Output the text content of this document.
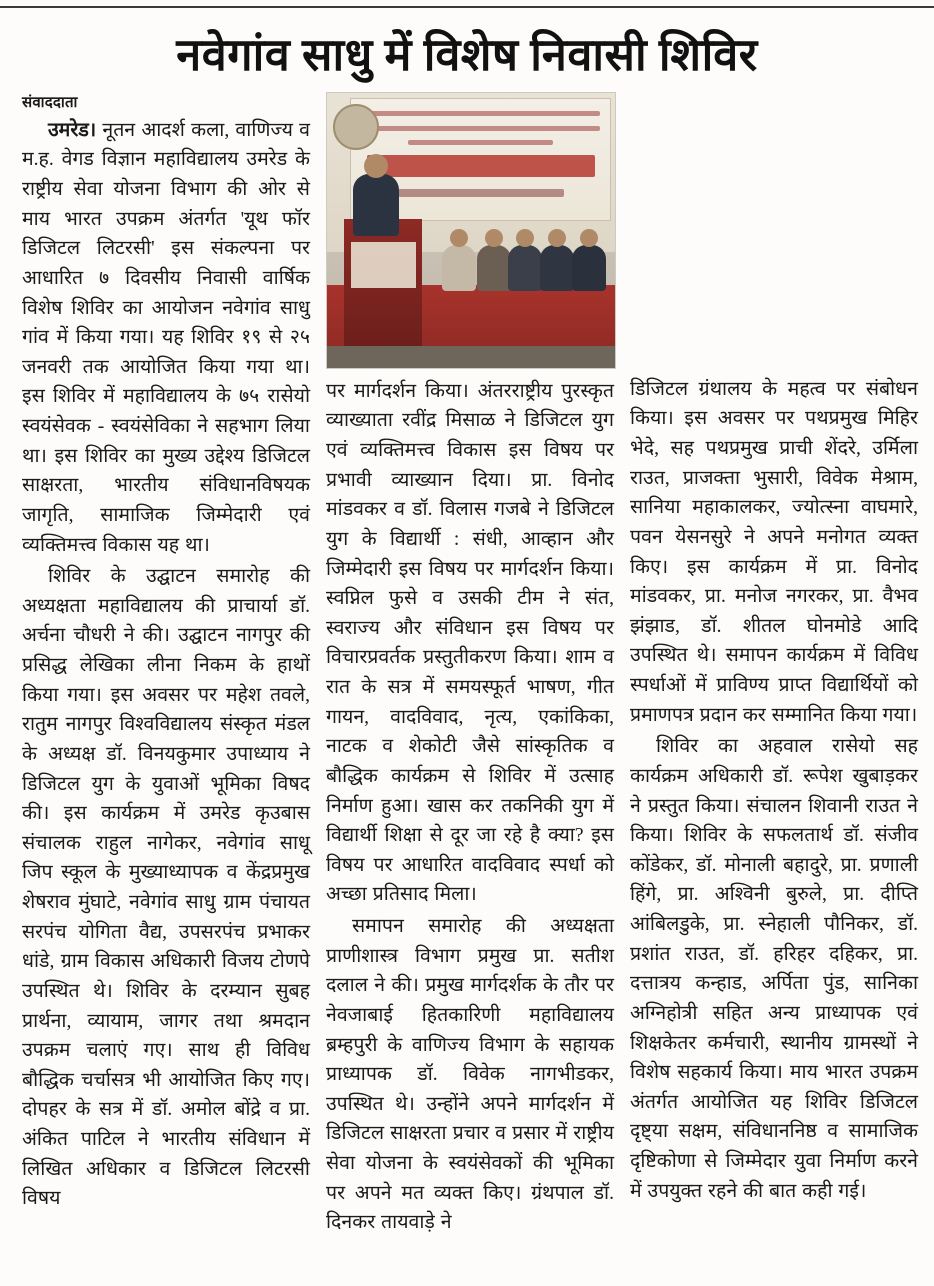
नवेगांव साधु में विशेष निवासी शिविर
संवाददाता

उमरेड। नूतन आदर्श कला, वाणिज्य व म.ह. वेगड विज्ञान महाविद्यालय उमरेड के राष्ट्रीय सेवा योजना विभाग की ओर से माय भारत उपक्रम अंतर्गत 'यूथ फॉर डिजिटल लिटरसी' इस संकल्पना पर आधारित ७ दिवसीय निवासी वार्षिक विशेष शिविर का आयोजन नवेगांव साधु गांव में किया गया। यह शिविर १९ से २५ जनवरी तक आयोजित किया गया था। इस शिविर में महाविद्यालय के ७५ रासेयो स्वयंसेवक - स्वयंसेविका ने सहभाग लिया था। इस शिविर का मुख्य उद्देश्य डिजिटल साक्षरता, भारतीय संविधानविषयक जागृति, सामाजिक जिम्मेदारी एवं व्यक्तिमत्त्व विकास यह था।

शिविर के उद्घाटन समारोह की अध्यक्षता महाविद्यालय की प्राचार्या डॉ. अर्चना चौधरी ने की। उद्घाटन नागपुर की प्रसिद्ध लेखिका लीना निकम के हाथों किया गया। इस अवसर पर महेश तवले, रातुम नागपुर विश्वविद्यालय संस्कृत मंडल के अध्यक्ष डॉ. विनयकुमार उपाध्याय ने डिजिटल युग के युवाओं भूमिका विषद की। इस कार्यक्रम में उमरेड कृउबास संचालक राहुल नागेकर, नवेगांव साधू जिप स्कूल के मुख्याध्यापक व केंद्रप्रमुख शेषराव मुंघाटे, नवेगांव साधु ग्राम पंचायत सरपंच योगिता वैद्य, उपसरपंच प्रभाकर धांडे, ग्राम विकास अधिकारी विजय टोणपे उपस्थित थे। शिविर के दरम्यान सुबह प्रार्थना, व्यायाम, जागर तथा श्रमदान उपक्रम चलाएं गए। साथ ही विविध बौद्धिक चर्चासत्र भी आयोजित किए गए। दोपहर के सत्र में डॉ. अमोल बोंद्रे व प्रा. अंकित पाटिल ने भारतीय संविधान में लिखित अधिकार व डिजिटल लिटरसी विषय

पर मार्गदर्शन किया। अंतरराष्ट्रीय पुरस्कृत व्याख्याता रवींद्र मिसाळ ने डिजिटल युग एवं व्यक्तिमत्त्व विकास इस विषय पर प्रभावी व्याख्यान दिया। प्रा. विनोद मांडवकर व डॉ. विलास गजबे ने डिजिटल युग के विद्यार्थी : संधी, आव्हान और जिम्मेदारी इस विषय पर मार्गदर्शन किया। स्वप्निल फुसे व उसकी टीम ने संत, स्वराज्य और संविधान इस विषय पर विचारप्रवर्तक प्रस्तुतीकरण किया। शाम व रात के सत्र में समयस्फूर्त भाषण, गीत गायन, वादविवाद, नृत्य, एकांकिका, नाटक व शेकोटी जैसे सांस्कृतिक व बौद्धिक कार्यक्रम से शिविर में उत्साह निर्माण हुआ। खास कर तकनिकी युग में विद्यार्थी शिक्षा से दूर जा रहे है क्या? इस विषय पर आधारित वादविवाद स्पर्धा को अच्छा प्रतिसाद मिला।

समापन समारोह की अध्यक्षता प्राणीशास्त्र विभाग प्रमुख प्रा. सतीश दलाल ने की। प्रमुख मार्गदर्शक के तौर पर नेवजाबाई हितकारिणी महाविद्यालय ब्रम्हपुरी के वाणिज्य विभाग के सहायक प्राध्यापक डॉ. विवेक नागभीडकर, उपस्थित थे। उन्होंने अपने मार्गदर्शन में डिजिटल साक्षरता प्रचार व प्रसार में राष्ट्रीय सेवा योजना के स्वयंसेवकों की भूमिका पर अपने मत व्यक्त किए। ग्रंथपाल डॉ. दिनकर तायवाड़े ने

डिजिटल ग्रंथालय के महत्व पर संबोधन किया। इस अवसर पर पथप्रमुख मिहिर भेदे, सह पथप्रमुख प्राची शेंदरे, उर्मिला राउत, प्राजक्ता भुसारी, विवेक मेश्राम, सानिया महाकालकर, ज्योत्स्ना वाघमारे, पवन येसनसुरे ने अपने मनोगत व्यक्त किए। इस कार्यक्रम में प्रा. विनोद मांडवकर, प्रा. मनोज नगरकर, प्रा. वैभव झंझाड, डॉ. शीतल घोनमोडे आदि उपस्थित थे। समापन कार्यक्रम में विविध स्पर्धाओं में प्राविण्य प्राप्त विद्यार्थियों को प्रमाणपत्र प्रदान कर सम्मानित किया गया।

शिविर का अहवाल रासेयो सह कार्यक्रम अधिकारी डॉ. रूपेश खुबाड़कर ने प्रस्तुत किया। संचालन शिवानी राउत ने किया। शिविर के सफलतार्थ डॉ. संजीव कोंडेकर, डॉ. मोनाली बहादुरे, प्रा. प्रणाली हिंगे, प्रा. अश्विनी बुरुले, प्रा. दीप्ति आंबिलडुके, प्रा. स्नेहाली पौनिकर, डॉ. प्रशांत राउत, डॉ. हरिहर दहिकर, प्रा. दत्तात्रय कन्हाड, अर्पिता पुंड, सानिका अग्निहोत्री सहित अन्य प्राध्यापक एवं शिक्षकेतर कर्मचारी, स्थानीय ग्रामस्थों ने विशेष सहकार्य किया। माय भारत उपक्रम अंतर्गत आयोजित यह शिविर डिजिटल दृष्ट्या सक्षम, संविधाननिष्ठ व सामाजिक दृष्टिकोणा से जिम्मेदार युवा निर्माण करने में उपयुक्त रहने की बात कही गई।
